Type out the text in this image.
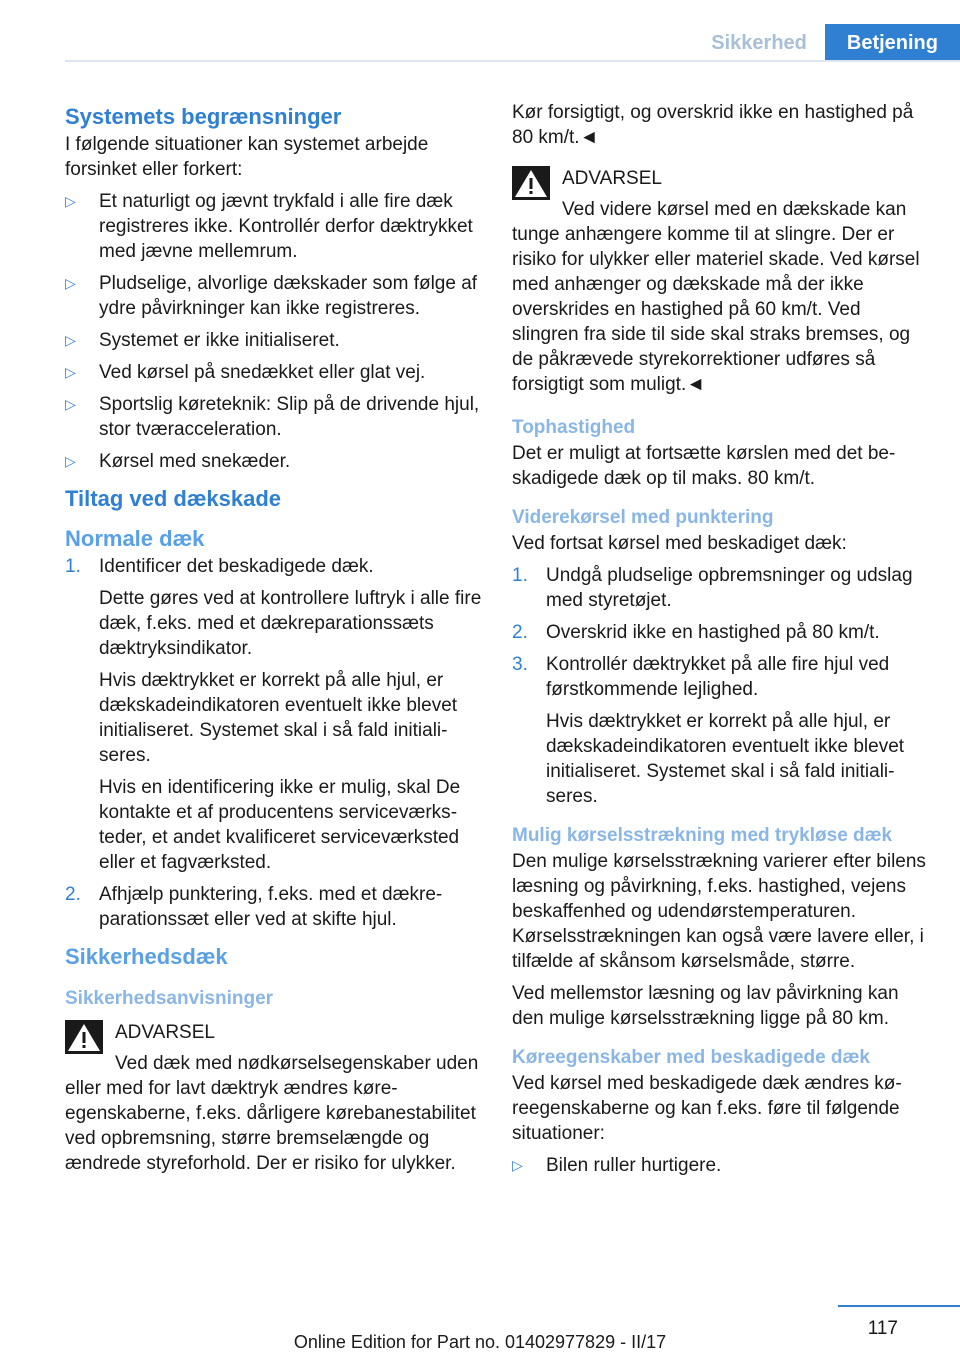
Sikkerhed	Betjening
Systemets begrænsninger

I følgende situationer kan systemet arbejde forsinket eller forkert:

▷ Et naturligt og jævnt trykfald i alle fire dæk registreres ikke. Kontrollér derfor dæktrykket med jævne mellemrum.
▷ Pludselige, alvorlige dækskader som følge af ydre påvirkninger kan ikke registreres.
▷ Systemet er ikke initialiseret.
▷ Ved kørsel på snedækket eller glat vej.
▷ Sportslig køreteknik: Slip på de drivende hjul, stor tværacceleration.
▷ Kørsel med snekæder.
Tiltag ved dækskade
Normale dæk
1. Identificer det beskadigede dæk.
Dette gøres ved at kontrollere luftryk i alle fire dæk, f.eks. med et dækreparationssæts dæktryksindikator.
Hvis dæktrykket er korrekt på alle hjul, er dækskadeindikatoren eventuelt ikke blevet initialiseret. Systemet skal i så fald initialiseres.
Hvis en identificering ikke er mulig, skal De kontakte et af producentens serviceværksteder, et andet kvalificeret serviceværksted eller et fagværksted.
2. Afhjælp punktering, f.eks. med et dækreparationssæt eller ved at skifte hjul.
Sikkerhedsdæk
Sikkerhedsanvisninger
ADVARSEL
Ved dæk med nødkørselsegenskaber uden eller med for lavt dæktryk ændres køreegenskaberne, f.eks. dårligere kørebanestabilitet ved opbremsning, større bremselængde og ændrede styreforhold. Der er risiko for ulykker.

Kør forsigtigt, og overskrid ikke en hastighed på 80 km/t.◄

ADVARSEL
Ved videre kørsel med en dækskade kan tunge anhængere komme til at slingre. Der er risiko for ulykker eller materiel skade. Ved kørsel med anhænger og dækskade må der ikke overskrides en hastighed på 60 km/t. Ved slingren fra side til side skal straks bremses, og de påkrævede styrekorrektioner udføres så forsigtigt som muligt.◄
Tophastighed

Det er muligt at fortsætte kørslen med det beskadigede dæk op til maks. 80 km/t.

Viderekørsel med punktering

Ved fortsat kørsel med beskadiget dæk:

1. Undgå pludselige opbremsninger og udslag med styretøjet.
2. Overskrid ikke en hastighed på 80 km/t.
3. Kontrollér dæktrykket på alle fire hjul ved førstkommende lejlighed.
Hvis dæktrykket er korrekt på alle hjul, er dækskadeindikatoren eventuelt ikke blevet initialiseret. Systemet skal i så fald initialiseres.
Mulig kørselsstrækning med trykløse dæk

Den mulige kørselsstrækning varierer efter bilens læsning og påvirkning, f.eks. hastighed, vejens beskaffenhed og udendørstemperaturen. Kørselsstrækningen kan også være lavere eller, i tilfælde af skånsom kørselsmåde, større.

Ved mellemstor læsning og lav påvirkning kan den mulige kørselsstrækning ligge på 80 km.

Køreegenskaber med beskadigede dæk

Ved kørsel med beskadigede dæk ændres køreegenskaberne og kan f.eks. føre til følgende situationer:

▷ Bilen ruller hurtigere.
117
Online Edition for Part no. 01402977829 - II/17
